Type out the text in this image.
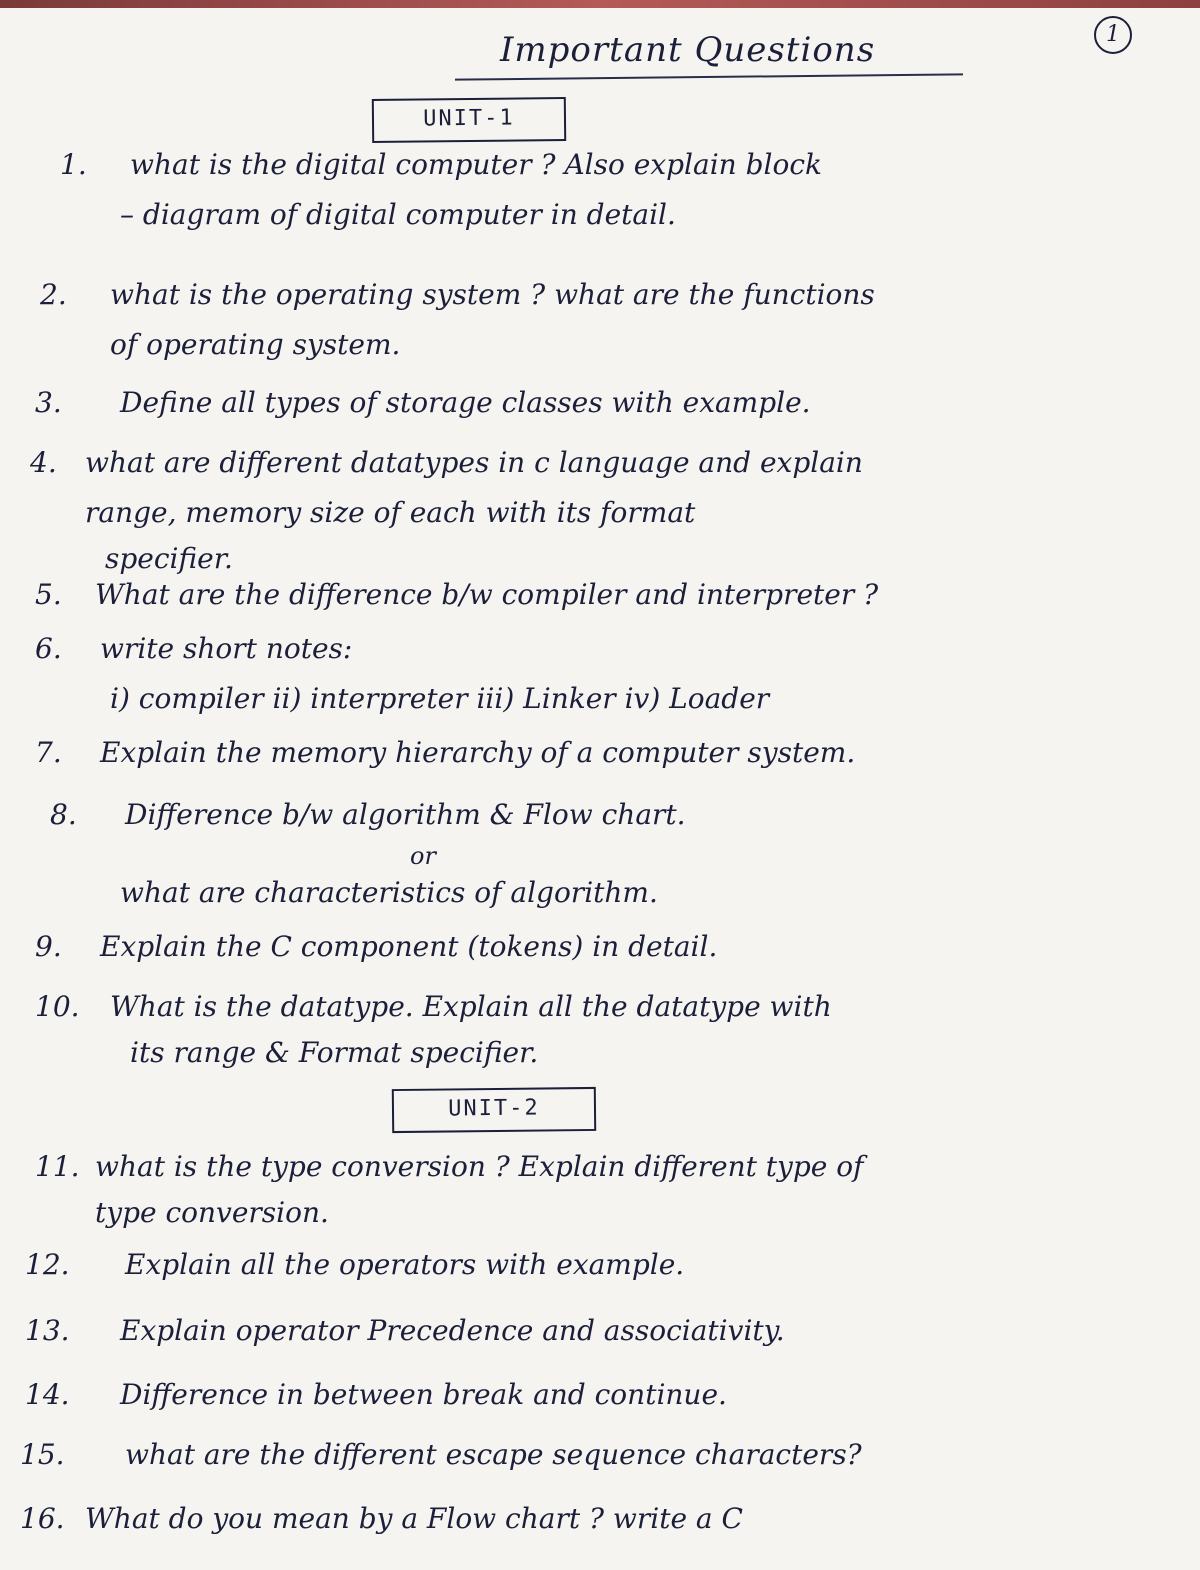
Important Questions	1
UNIT-1
1.	what is the digital computer ? Also explain block
– diagram of digital computer in detail.
2.	what is the operating system ? what are the functions
of operating system.
3.	Define all types of storage classes with example.
4.	what are different datatypes in c language and explain
range, memory size of each with its format
specifier.
5.	What are the difference b/w compiler and interpreter ?
6.	write short notes:
i) compiler ii) interpreter iii) Linker iv) Loader
7.	Explain the memory hierarchy of a computer system.
8.	Difference b/w algorithm & Flow chart.
or
what are characteristics of algorithm.
9.	Explain the C component (tokens) in detail.
10.	What is the datatype. Explain all the datatype with
its range & Format specifier.
UNIT-2
11. what is the type conversion ? Explain different type of
type conversion.
12.	Explain all the operators with example.
13.	Explain operator Precedence and associativity.
14.	Difference in between break and continue.
15.	what are the different escape sequence characters?
16. What do you mean by a Flow chart ? write a C
